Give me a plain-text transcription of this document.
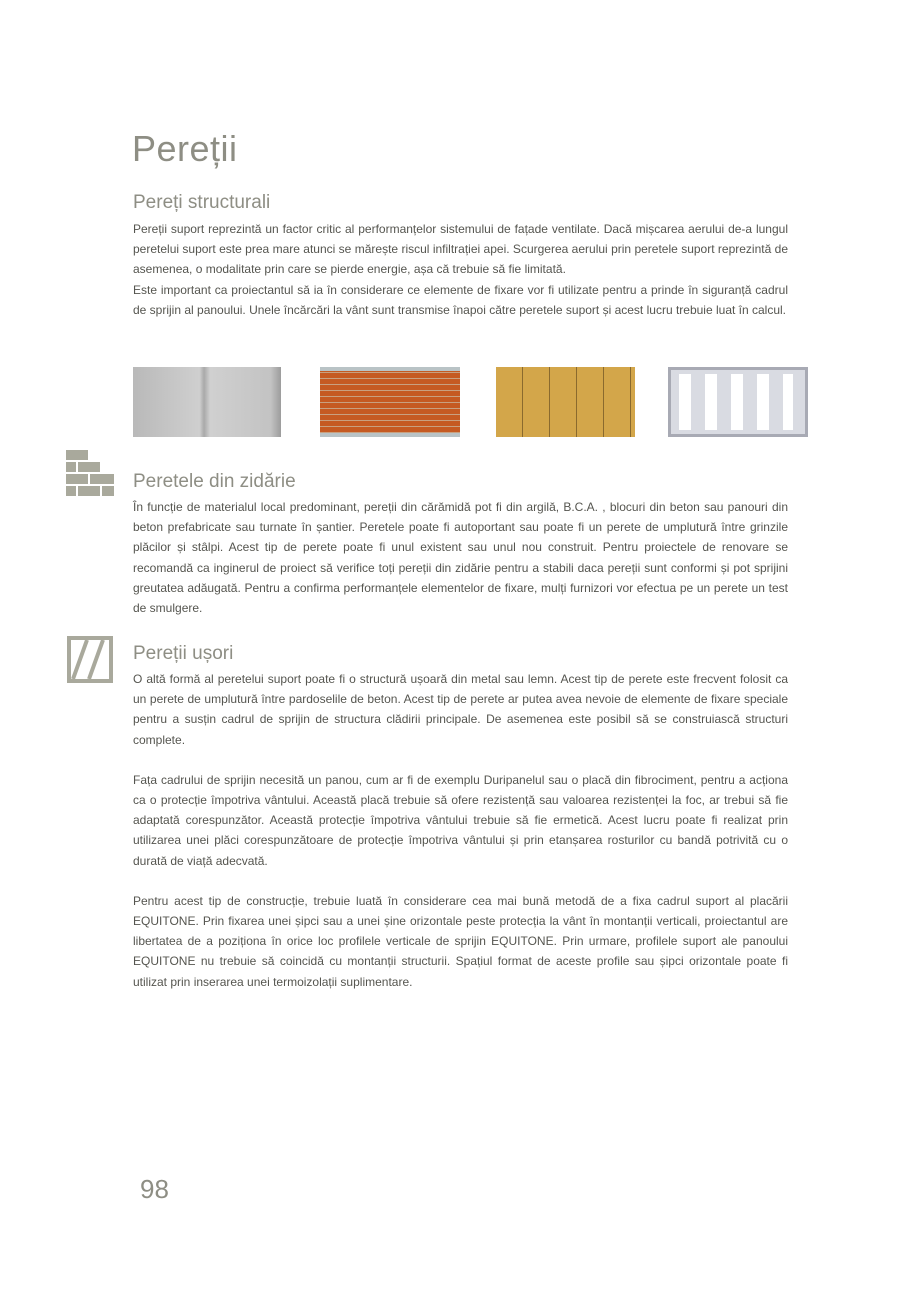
Pereții
Pereți structurali

Pereții suport reprezintă un factor critic al performanțelor sistemului de fațade ventilate. Dacă mișcarea aerului de-a lungul peretelui suport este prea mare atunci se mărește riscul infiltrației apei. Scurgerea aerului prin peretele suport reprezintă de asemenea, o modalitate prin care se pierde energie, așa că trebuie să fie limitată.

Este important ca proiectantul să ia în considerare ce elemente de fixare vor fi utilizate pentru a prinde în siguranță cadrul de sprijin al panoului. Unele încărcări la vânt sunt transmise înapoi către peretele suport și acest lucru trebuie luat în calcul.

Peretele din zidărie

În funcție de materialul local predominant, pereții din cărămidă pot fi din argilă, B.C.A. , blocuri din beton sau panouri din beton prefabricate sau turnate în șantier. Peretele poate fi autoportant sau poate fi un perete de umplutură între grinzile plăcilor și stâlpi. Acest tip de perete poate fi unul existent sau unul nou construit. Pentru proiectele de renovare se recomandă ca inginerul de proiect să verifice toți pereții din zidărie pentru a stabili daca pereții sunt conformi și pot sprijini greutatea adăugată. Pentru a confirma performanțele elementelor de fixare, mulți furnizori vor efectua pe un perete un test de smulgere.

Pereții ușori

O altă formă al peretelui suport poate fi o structură ușoară din metal sau lemn. Acest tip de perete este frecvent folosit ca un perete de umplutură între pardoselile de beton. Acest tip de perete ar putea avea nevoie de elemente de fixare speciale pentru a susțin cadrul de sprijin de structura clădirii principale. De asemenea este posibil să se construiască structuri complete.

Fața cadrului de sprijin necesită un panou, cum ar fi de exemplu Duripanelul sau o placă din fibrociment, pentru a acționa ca o protecție împotriva vântului. Această placă trebuie să ofere rezistență sau valoarea rezistenței la foc, ar trebui să fie adaptată corespunzător. Această protecție împotriva vântului trebuie să fie ermetică. Acest lucru poate fi realizat prin utilizarea unei plăci corespunzătoare de protecție împotriva vântului și prin etanșarea rosturilor cu bandă potrivită cu o durată de viață adecvată.

Pentru acest tip de construcție, trebuie luată în considerare cea mai bună metodă de a fixa cadrul suport al placării EQUITONE. Prin fixarea unei șipci sau a unei șine orizontale peste protecția la vânt în montanții verticali, proiectantul are libertatea de a poziționa în orice loc profilele verticale de sprijin EQUITONE. Prin urmare, profilele suport ale panoului EQUITONE nu trebuie să coincidă cu montanții structurii. Spațiul format de aceste profile sau șipci orizontale poate fi utilizat prin inserarea unei termoizolații suplimentare.

98
